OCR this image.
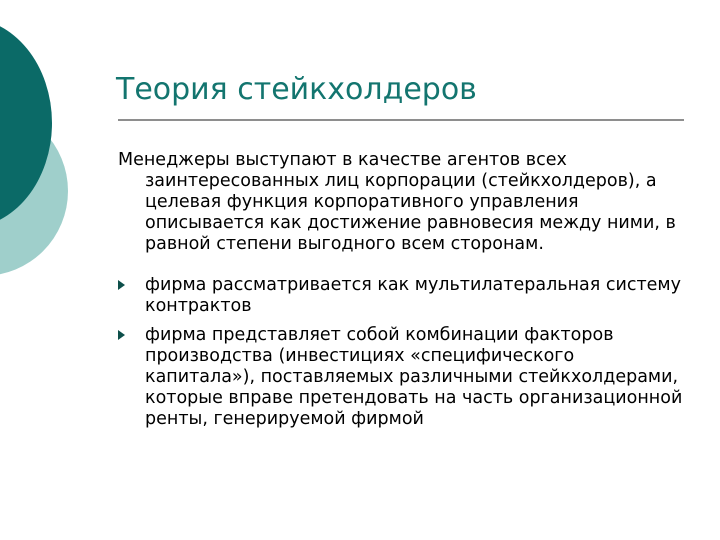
Теория стейкхолдеров

Менеджеры выступают в качестве агентов всех заинтересованных лиц корпорации (стейкхолдеров), а целевая функция корпоративного управления описывается как достижение равновесия между ними, в равной степени выгодного всем сторонам.

фирма рассматривается как мультилатеральная систему контрактов
фирма представляет собой комбинации факторов производства (инвестициях «специфического капитала»), поставляемых различными стейкхолдерами, которые вправе претендовать на часть организационной ренты, генерируемой фирмой
